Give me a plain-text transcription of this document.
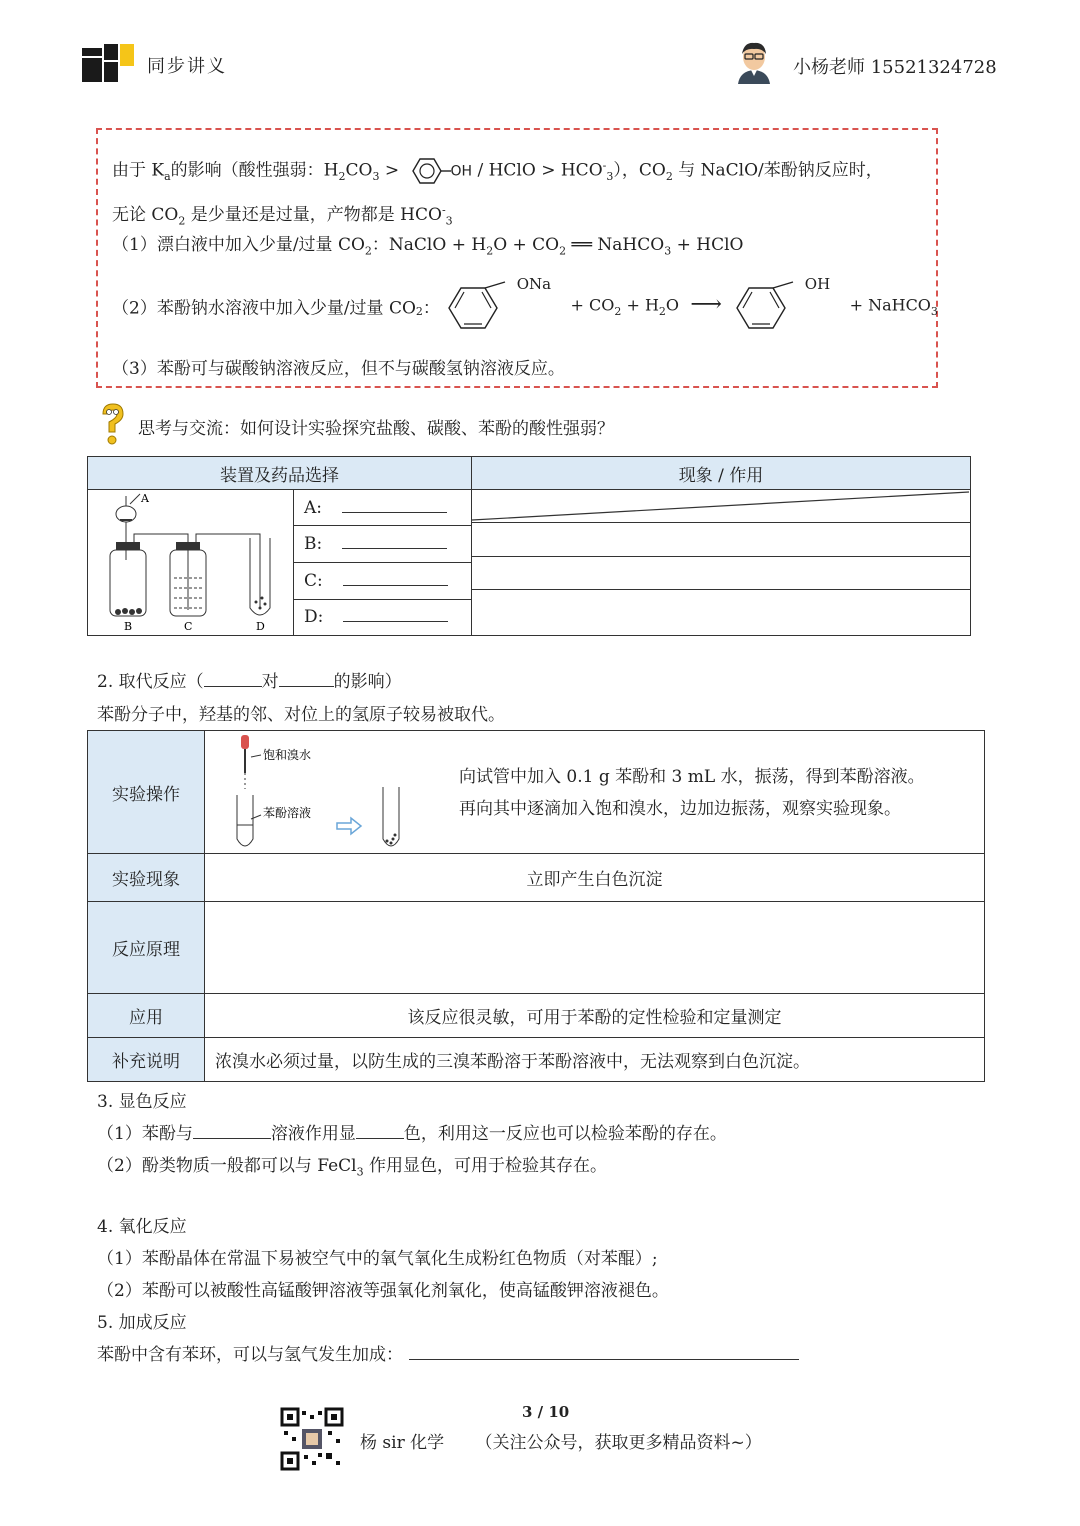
同步讲义	小杨老师 15521324728
由于 $K_a$的影响（酸性强弱：$H_2CO_3$ >	OH / HClO > $HCO^-_3$），$CO_2$ 与 NaClO/苯酚钠反应时，
无论 $CO_2$ 是少量还是过量，产物都是 $HCO^-_3$
（1）漂白液中加入少量/过量 $CO_2$：NaClO + $H_2O + CO_2$ ══ NaHCO$_3$ + HClO
（2）苯酚钠水溶液中加入少量/过量 $CO_2$：  ONa + $CO_2 + H_2O$ ⟶  OH + NaHCO$_3$
（3）苯酚可与碳酸钠溶液反应，但不与碳酸氢钠溶液反应。
思考与交流：如何设计实验探究盐酸、碳酸、苯酚的酸性强弱？
装置及药品选择	现象 / 作用

A
B	C	D
	A:
B:
C:
D:

2. 取代反应（	对	的影响）
苯酚分子中，羟基的邻、对位上的氢原子较易被取代。
实验操作	饱和溴水
苯酚溶液
向试管中加入 0.1 g 苯酚和 3 mL 水，振荡，得到苯酚溶液。
再向其中逐滴加入饱和溴水，边加边振荡，观察实验现象。

实验现象	立即产生白色沉淀
反应原理	
应用	该反应很灵敏，可用于苯酚的定性检验和定量测定
补充说明	浓溴水必须过量，以防生成的三溴苯酚溶于苯酚溶液中，无法观察到白色沉淀。
3. 显色反应
（1）苯酚与	溶液作用显	色，利用这一反应也可以检验苯酚的存在。
（2）酚类物质一般都可以与 FeCl$_3$ 作用显色，可用于检验其存在。
4. 氧化反应
（1）苯酚晶体在常温下易被空气中的氧气氧化生成粉红色物质（对苯醌）;
（2）苯酚可以被酸性高锰酸钾溶液等强氧化剂氧化，使高锰酸钾溶液褪色。
5. 加成反应
苯酚中含有苯环，可以与氢气发生加成：
3 / 10
杨 sir 化学 （关注公众号，获取更多精品资料~）
